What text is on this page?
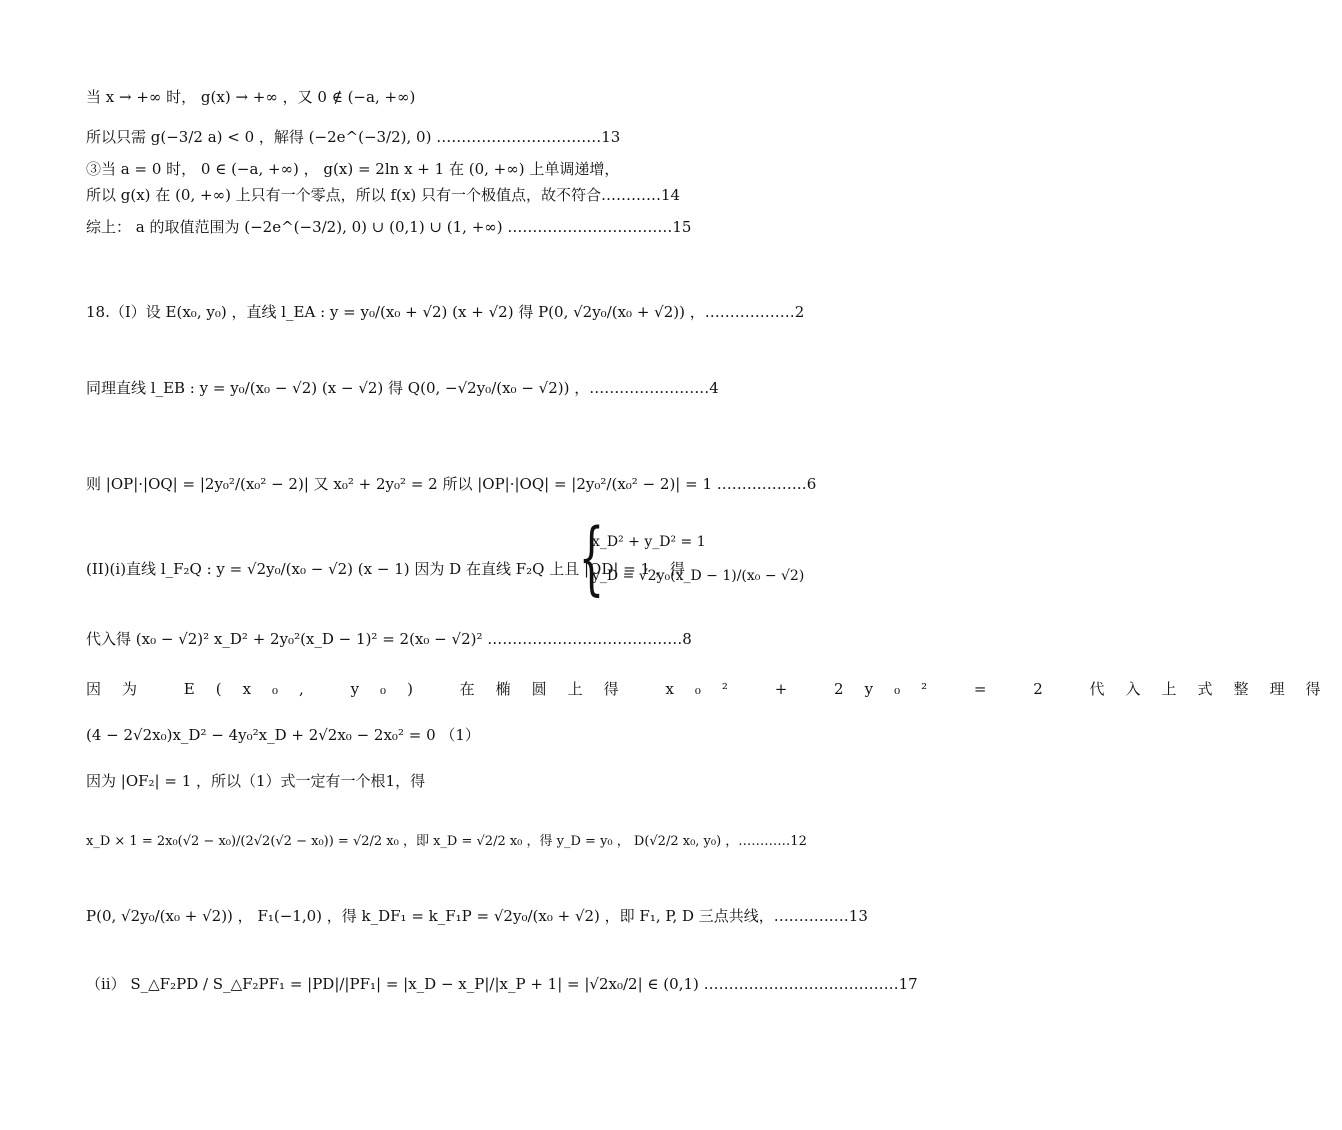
当 x → +∞ 时， g(x) → +∞ ，又 0 ∉ (−a, +∞)
所以只需 g(−3/2 a) < 0 ，解得 (−2e^(−3/2), 0) ……………………………13
③当 a = 0 时， 0 ∈ (−a, +∞) ， g(x) = 2ln x + 1 在 (0, +∞) 上单调递增，
所以 g(x) 在 (0, +∞) 上只有一个零点，所以 f(x) 只有一个极值点，故不符合…………14
综上： a 的取值范围为 (−2e^(−3/2), 0) ∪ (0,1) ∪ (1, +∞) ……………………………15
18.（I）设 E(x₀, y₀) ，直线 l_EA : y = y₀/(x₀ + √2) (x + √2) 得 P(0, √2y₀/(x₀ + √2)) ，………………2
同理直线 l_EB : y = y₀/(x₀ − √2) (x − √2) 得 Q(0, −√2y₀/(x₀ − √2)) ，……………………4
则 |OP|·|OQ| = |2y₀²/(x₀² − 2)| 又 x₀² + 2y₀² = 2 所以 |OP|·|OQ| = |2y₀²/(x₀² − 2)| = 1 ………………6
(II)(i)直线 l_F₂Q : y = √2y₀/(x₀ − √2) (x − 1) 因为 D 在直线 F₂Q 上且 |OD| = 1 ，得
{
x_D² + y_D² = 1
y_D = √2y₀(x_D − 1)/(x₀ − √2)
代入得 (x₀ − √2)² x_D² + 2y₀²(x_D − 1)² = 2(x₀ − √2)² …………………………………8
因为 E(x₀, y₀) 在椭圆上得 x₀² + 2y₀² = 2 代入上式整理得
(4 − 2√2x₀)x_D² − 4y₀²x_D + 2√2x₀ − 2x₀² = 0 （1）
因为 |OF₂| = 1 ，所以（1）式一定有一个根1，得
x_D × 1 = 2x₀(√2 − x₀)/(2√2(√2 − x₀)) = √2/2 x₀ ，即 x_D = √2/2 x₀ ，得 y_D = y₀ ， D(√2/2 x₀, y₀) ，…………12
P(0, √2y₀/(x₀ + √2)) ， F₁(−1,0) ，得 k_DF₁ = k_F₁P = √2y₀/(x₀ + √2) ，即 F₁, P, D 三点共线，……………13
（ii） S_△F₂PD / S_△F₂PF₁ = |PD|/|PF₁| = |x_D − x_P|/|x_P + 1| = |√2x₀/2| ∈ (0,1) …………………………………17
